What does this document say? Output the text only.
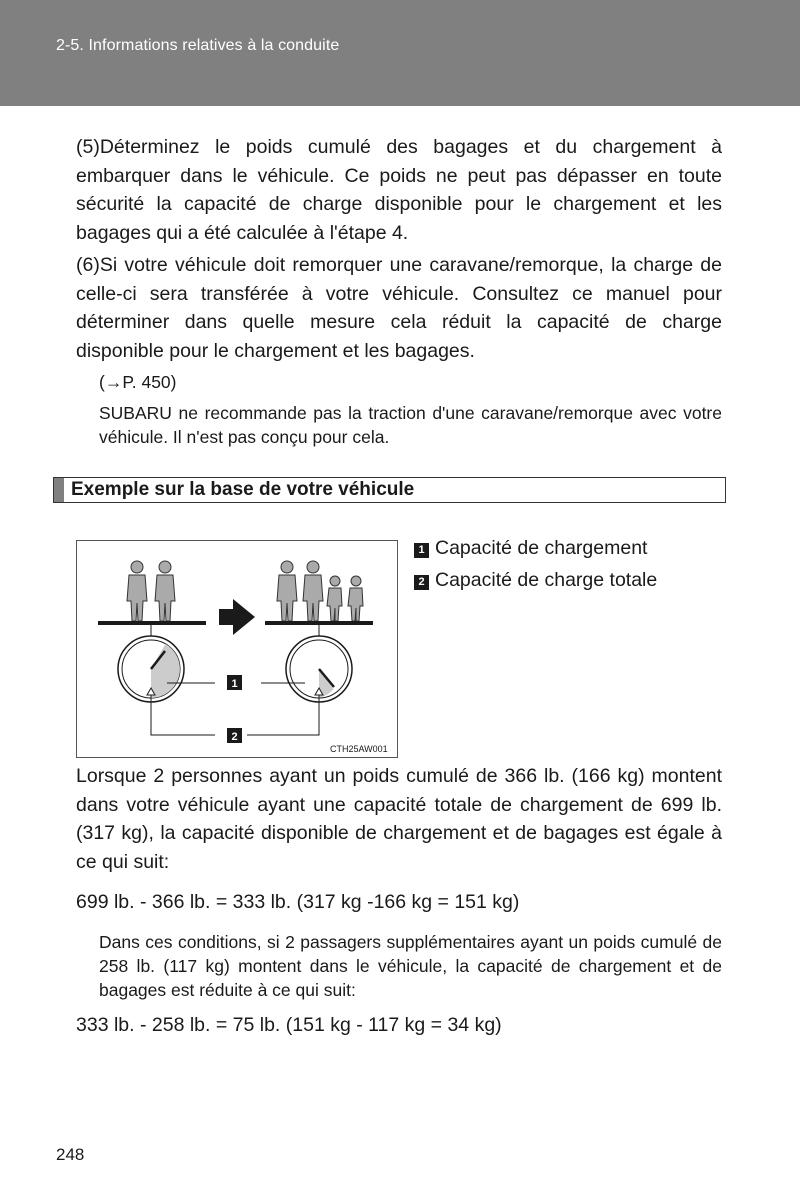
2-5. Informations relatives à la conduite
(5)Déterminez le poids cumulé des bagages et du chargement à embarquer dans le véhicule. Ce poids ne peut pas dépasser en toute sécurité la capacité de charge disponible pour le chargement et les bagages qui a été calculée à l'étape 4.
(6)Si votre véhicule doit remorquer une caravane/remorque, la charge de celle-ci sera transférée à votre véhicule. Consultez ce manuel pour déterminer dans quelle mesure cela réduit la capacité de charge disponible pour le chargement et les bagages.
(→P. 450)
SUBARU ne recommande pas la traction d'une caravane/remorque avec votre véhicule. Il n'est pas conçu pour cela.
Exemple sur la base de votre véhicule
1
2
CTH25AW001
1 Capacité de chargement
2 Capacité de charge totale
Lorsque 2 personnes ayant un poids cumulé de 366 lb. (166 kg) montent dans votre véhicule ayant une capacité totale de chargement de 699 lb. (317 kg), la capacité disponible de chargement et de bagages est égale à ce qui suit:
699 lb. - 366 lb. = 333 lb. (317 kg -166 kg = 151 kg)
Dans ces conditions, si 2 passagers supplémentaires ayant un poids cumulé de 258 lb. (117 kg) montent dans le véhicule, la capacité de chargement et de bagages est réduite à ce qui suit:
333 lb. - 258 lb. = 75 lb. (151 kg - 117 kg = 34 kg)
248
